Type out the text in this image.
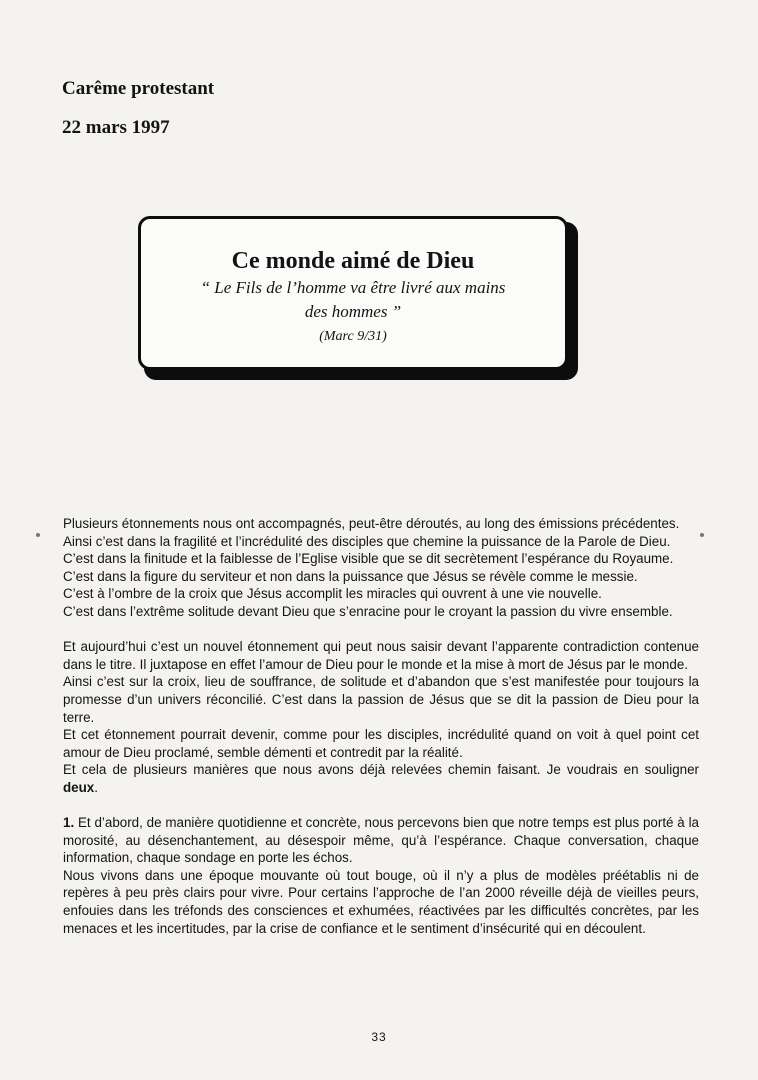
Carême protestant
22 mars 1997
Ce monde aimé de Dieu
“ Le Fils de l’homme va être livré aux mains
des hommes ”
(Marc 9/31)

Plusieurs étonnements nous ont accompagnés, peut-être déroutés, au long des émissions précédentes.

Ainsi c’est dans la fragilité et l’incrédulité des disciples que chemine la puissance de la Parole de Dieu.

C’est dans la finitude et la faiblesse de l’Eglise visible que se dit secrètement l’espérance du Royaume.

C’est dans la figure du serviteur et non dans la puissance que Jésus se révèle comme le messie.

C’est à l’ombre de la croix que Jésus accomplit les miracles qui ouvrent à une vie nouvelle.

C’est dans l’extrême solitude devant Dieu que s’enracine pour le croyant la passion du vivre ensemble.

Et aujourd’hui c’est un nouvel étonnement qui peut nous saisir devant l’apparente contradiction contenue dans le titre. Il juxtapose en effet l’amour de Dieu pour le monde et la mise à mort de Jésus par le monde.

Ainsi c’est sur la croix, lieu de souffrance, de solitude et d’abandon que s’est manifestée pour toujours la promesse d’un univers réconcilié. C’est dans la passion de Jésus que se dit la passion de Dieu pour la terre.

Et cet étonnement pourrait devenir, comme pour les disciples, incrédulité quand on voit à quel point cet amour de Dieu proclamé, semble démenti et contredit par la réalité.

Et cela de plusieurs manières que nous avons déjà relevées chemin faisant. Je voudrais en souligner deux.

1. Et d’abord, de manière quotidienne et concrète, nous percevons bien que notre temps est plus porté à la morosité, au désenchantement, au désespoir même, qu’à l’espérance. Chaque conversation, chaque information, chaque sondage en porte les échos.

Nous vivons dans une époque mouvante où tout bouge, où il n’y a plus de modèles préétablis ni de repères à peu près clairs pour vivre. Pour certains l’approche de l’an 2000 réveille déjà de vieilles peurs, enfouies dans les tréfonds des consciences et exhumées, réactivées par les difficultés concrètes, par les menaces et les incertitudes, par la crise de confiance et le sentiment d’insécurité qui en découlent.

33
